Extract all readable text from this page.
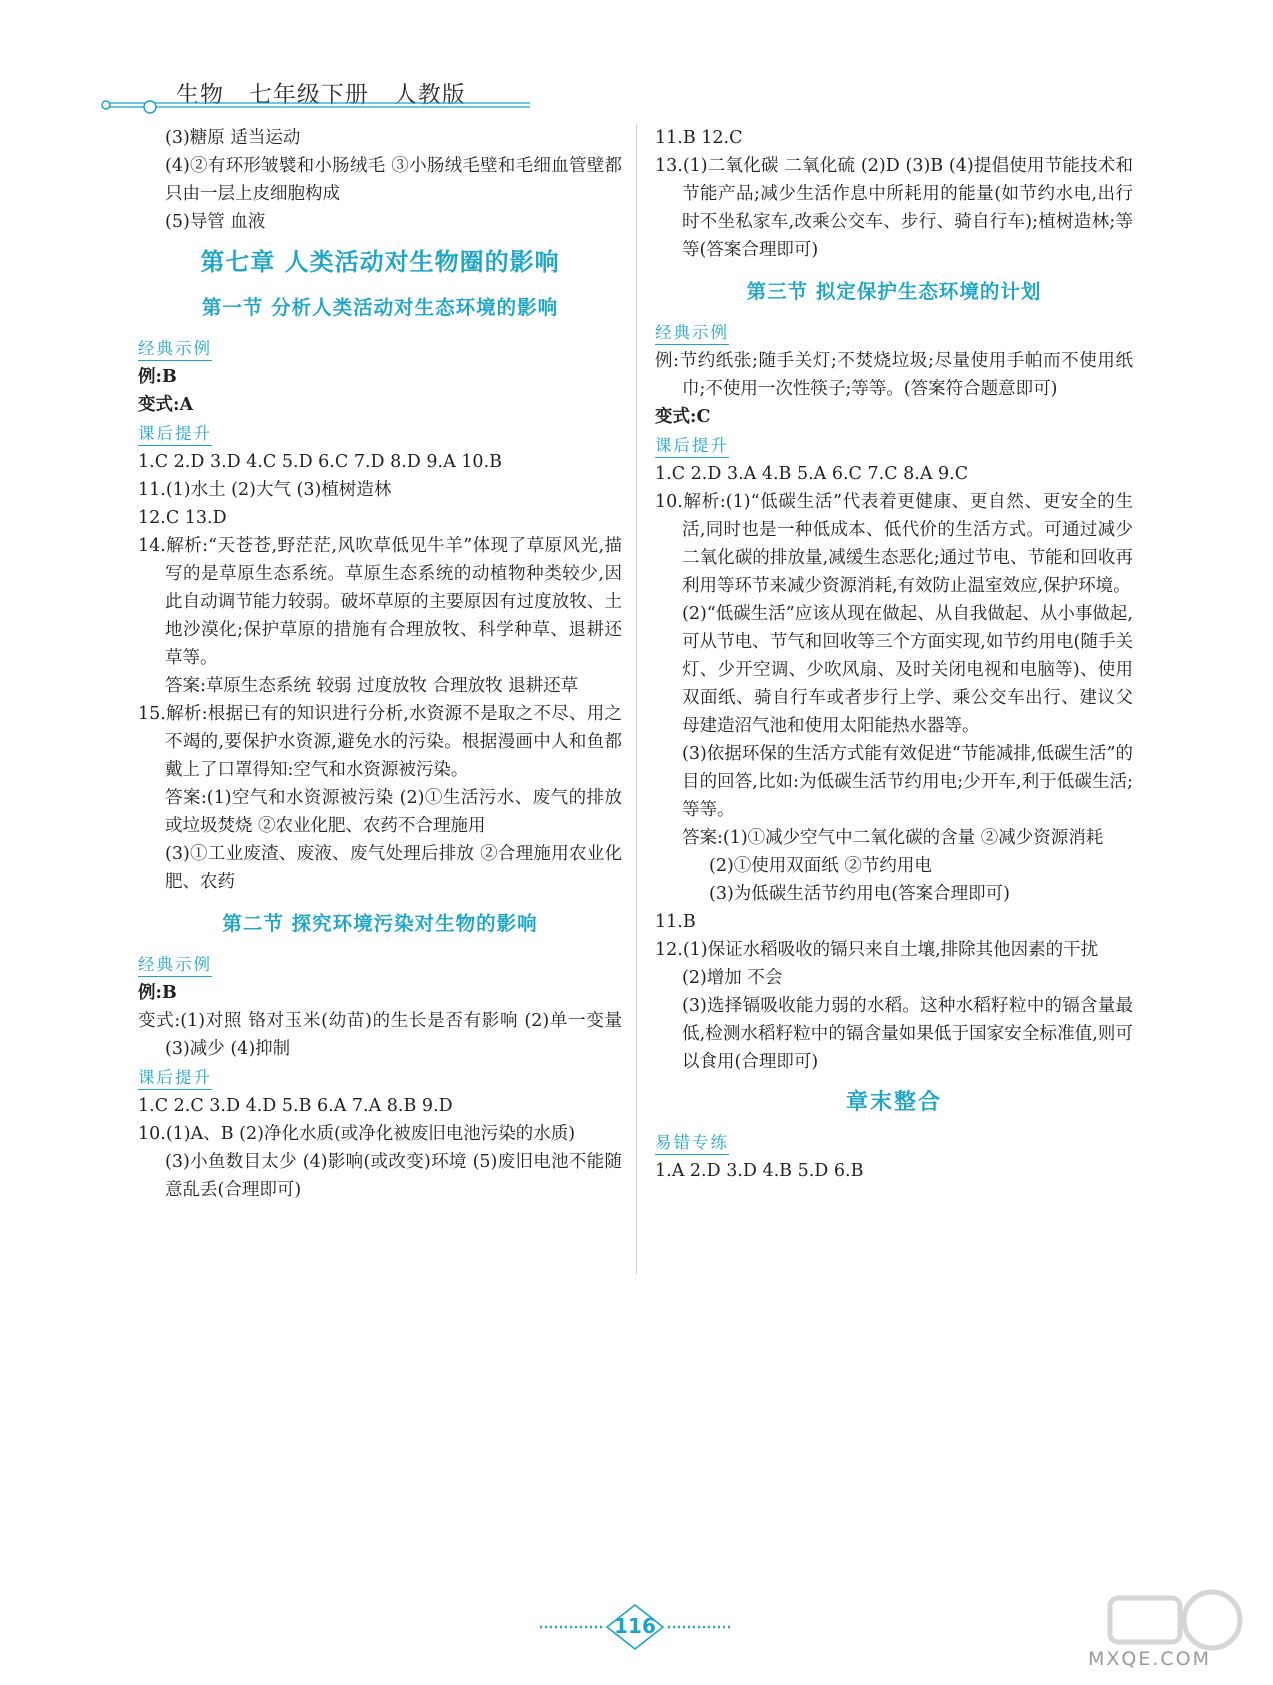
生物   七年级下册   人教版
(3)糖原 适当运动
(4)②有环形皱襞和小肠绒毛 ③小肠绒毛壁和毛细血管壁都只由一层上皮细胞构成
(5)导管 血液
第七章 人类活动对生物圈的影响
第一节 分析人类活动对生态环境的影响
经典示例
例:B
变式:A
课后提升
1.C 2.D 3.D 4.C 5.D 6.C 7.D 8.D 9.A 10.B
11.(1)水土 (2)大气 (3)植树造林
12.C 13.D
14.解析:“天苍苍,野茫茫,风吹草低见牛羊”体现了草原风光,描写的是草原生态系统。草原生态系统的动植物种类较少,因此自动调节能力较弱。破坏草原的主要原因有过度放牧、土地沙漠化;保护草原的措施有合理放牧、科学种草、退耕还草等。
答案:草原生态系统 较弱 过度放牧 合理放牧 退耕还草
15.解析:根据已有的知识进行分析,水资源不是取之不尽、用之不竭的,要保护水资源,避免水的污染。根据漫画中人和鱼都戴上了口罩得知:空气和水资源被污染。
答案:(1)空气和水资源被污染 (2)①生活污水、废气的排放或垃圾焚烧 ②农业化肥、农药不合理施用
(3)①工业废渣、废液、废气处理后排放 ②合理施用农业化肥、农药
第二节 探究环境污染对生物的影响
经典示例
例:B
变式:(1)对照 铬对玉米(幼苗)的生长是否有影响 (2)单一变量 (3)减少 (4)抑制
课后提升
1.C 2.C 3.D 4.D 5.B 6.A 7.A 8.B 9.D
10.(1)A、B (2)净化水质(或净化被废旧电池污染的水质)
(3)小鱼数目太少 (4)影响(或改变)环境 (5)废旧电池不能随意乱丢(合理即可)
11.B 12.C
13.(1)二氧化碳 二氧化硫 (2)D (3)B (4)提倡使用节能技术和节能产品;减少生活作息中所耗用的能量(如节约水电,出行时不坐私家车,改乘公交车、步行、骑自行车);植树造林;等等(答案合理即可)
第三节 拟定保护生态环境的计划
经典示例
例:节约纸张;随手关灯;不焚烧垃圾;尽量使用手帕而不使用纸巾;不使用一次性筷子;等等。(答案符合题意即可)
变式:C
课后提升
1.C 2.D 3.A 4.B 5.A 6.C 7.C 8.A 9.C
10.解析:(1)“低碳生活”代表着更健康、更自然、更安全的生活,同时也是一种低成本、低代价的生活方式。可通过减少二氧化碳的排放量,减缓生态恶化;通过节电、节能和回收再利用等环节来减少资源消耗,有效防止温室效应,保护环境。
(2)“低碳生活”应该从现在做起、从自我做起、从小事做起,可从节电、节气和回收等三个方面实现,如节约用电(随手关灯、少开空调、少吹风扇、及时关闭电视和电脑等)、使用双面纸、骑自行车或者步行上学、乘公交车出行、建议父母建造沼气池和使用太阳能热水器等。
(3)依据环保的生活方式能有效促进“节能减排,低碳生活”的目的回答,比如:为低碳生活节约用电;少开车,利于低碳生活;等等。
答案:(1)①减少空气中二氧化碳的含量 ②减少资源消耗
(2)①使用双面纸 ②节约用电
(3)为低碳生活节约用电(答案合理即可)
11.B
12.(1)保证水稻吸收的镉只来自土壤,排除其他因素的干扰
(2)增加 不会
(3)选择镉吸收能力弱的水稻。这种水稻籽粒中的镉含量最低,检测水稻籽粒中的镉含量如果低于国家安全标准值,则可以食用(合理即可)
章末整合
易错专练
1.A 2.D 3.D 4.B 5.D 6.B
116
MXQE.COM
